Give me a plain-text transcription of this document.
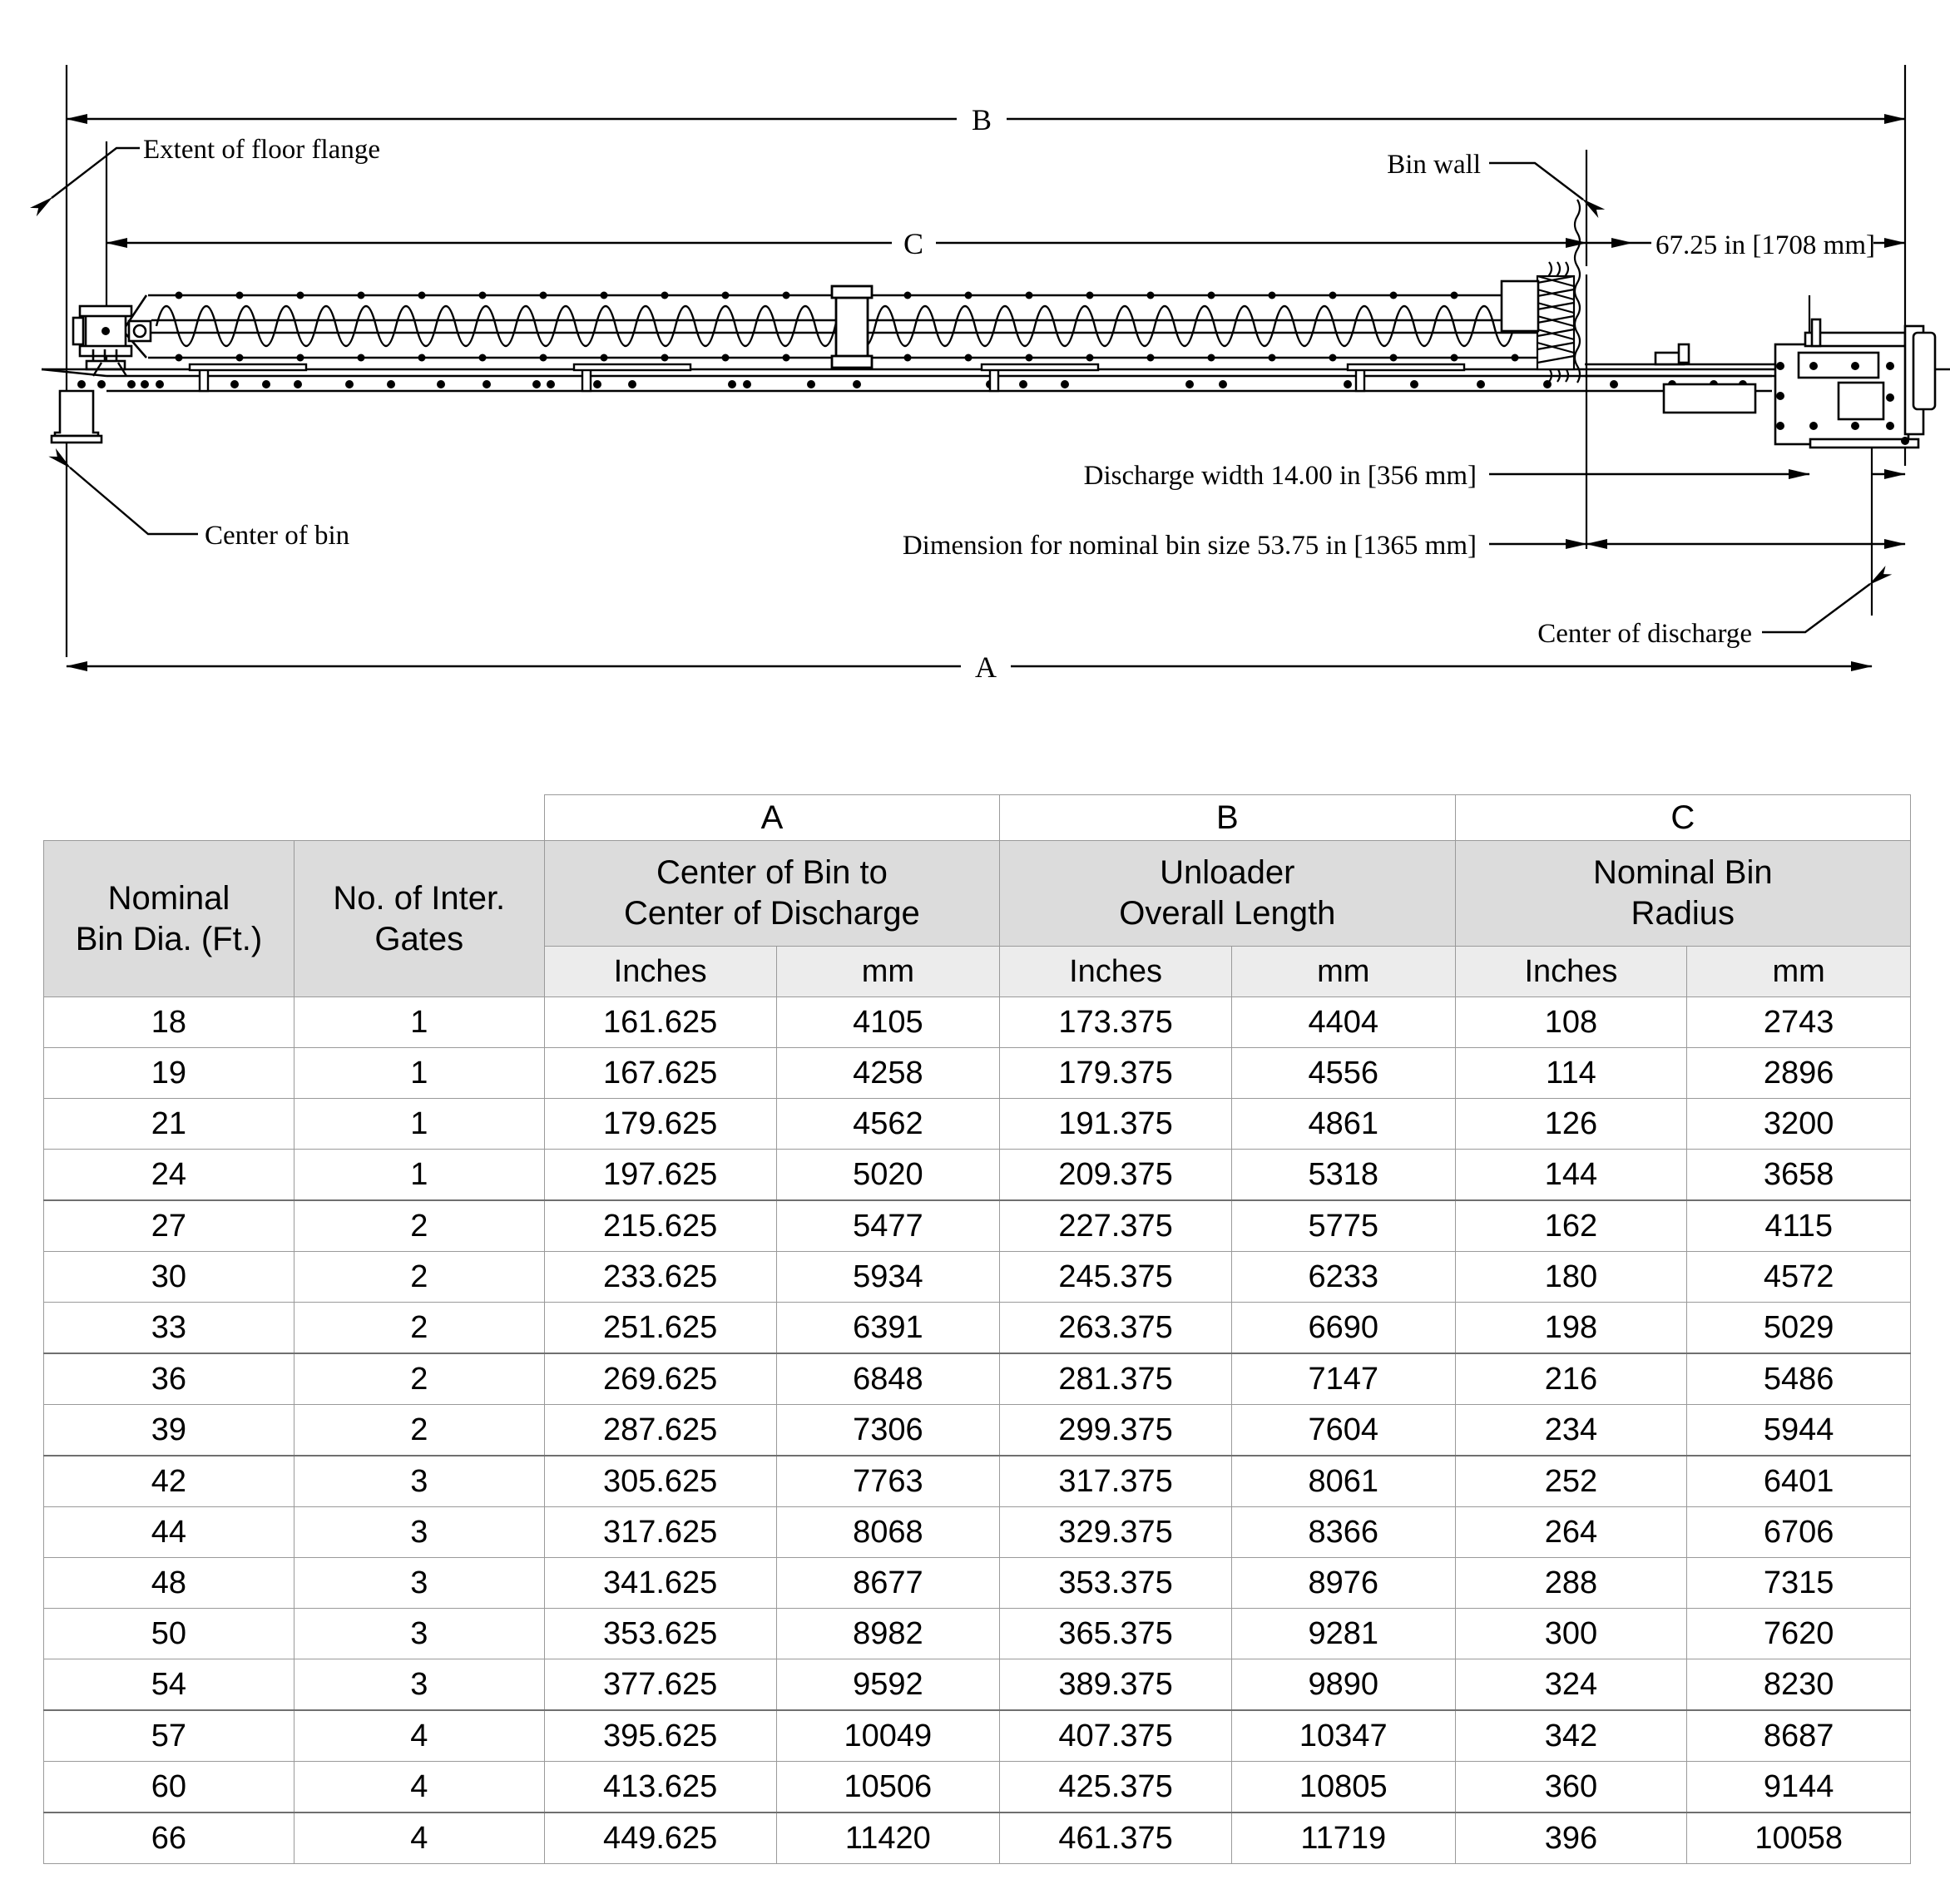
B
C
A
67.25 in [1708 mm]
Extent of floor flange	Bin wall
Center of bin
Center of discharge
Discharge width 14.00 in [356 mm]
Dimension for nominal bin size 53.75 in [1365 mm]
		A		B		C	

Nominal
Bin Dia. (Ft.)

No. of Inter.
Gates

Center of Bin to
Center of Discharge

Unloader
Overall Length

Nominal Bin
Radius

		Inches	mm	Inches	mm	Inches	mm
18	1	161.625	4105	173.375	4404	108	2743
19	1	167.625	4258	179.375	4556	114	2896
21	1	179.625	4562	191.375	4861	126	3200
24	1	197.625	5020	209.375	5318	144	3658
27	2	215.625	5477	227.375	5775	162	4115
30	2	233.625	5934	245.375	6233	180	4572
33	2	251.625	6391	263.375	6690	198	5029
36	2	269.625	6848	281.375	7147	216	5486
39	2	287.625	7306	299.375	7604	234	5944
42	3	305.625	7763	317.375	8061	252	6401
44	3	317.625	8068	329.375	8366	264	6706
48	3	341.625	8677	353.375	8976	288	7315
50	3	353.625	8982	365.375	9281	300	7620
54	3	377.625	9592	389.375	9890	324	8230
57	4	395.625	10049	407.375	10347	342	8687
60	4	413.625	10506	425.375	10805	360	9144
66	4	449.625	11420	461.375	11719	396	10058
